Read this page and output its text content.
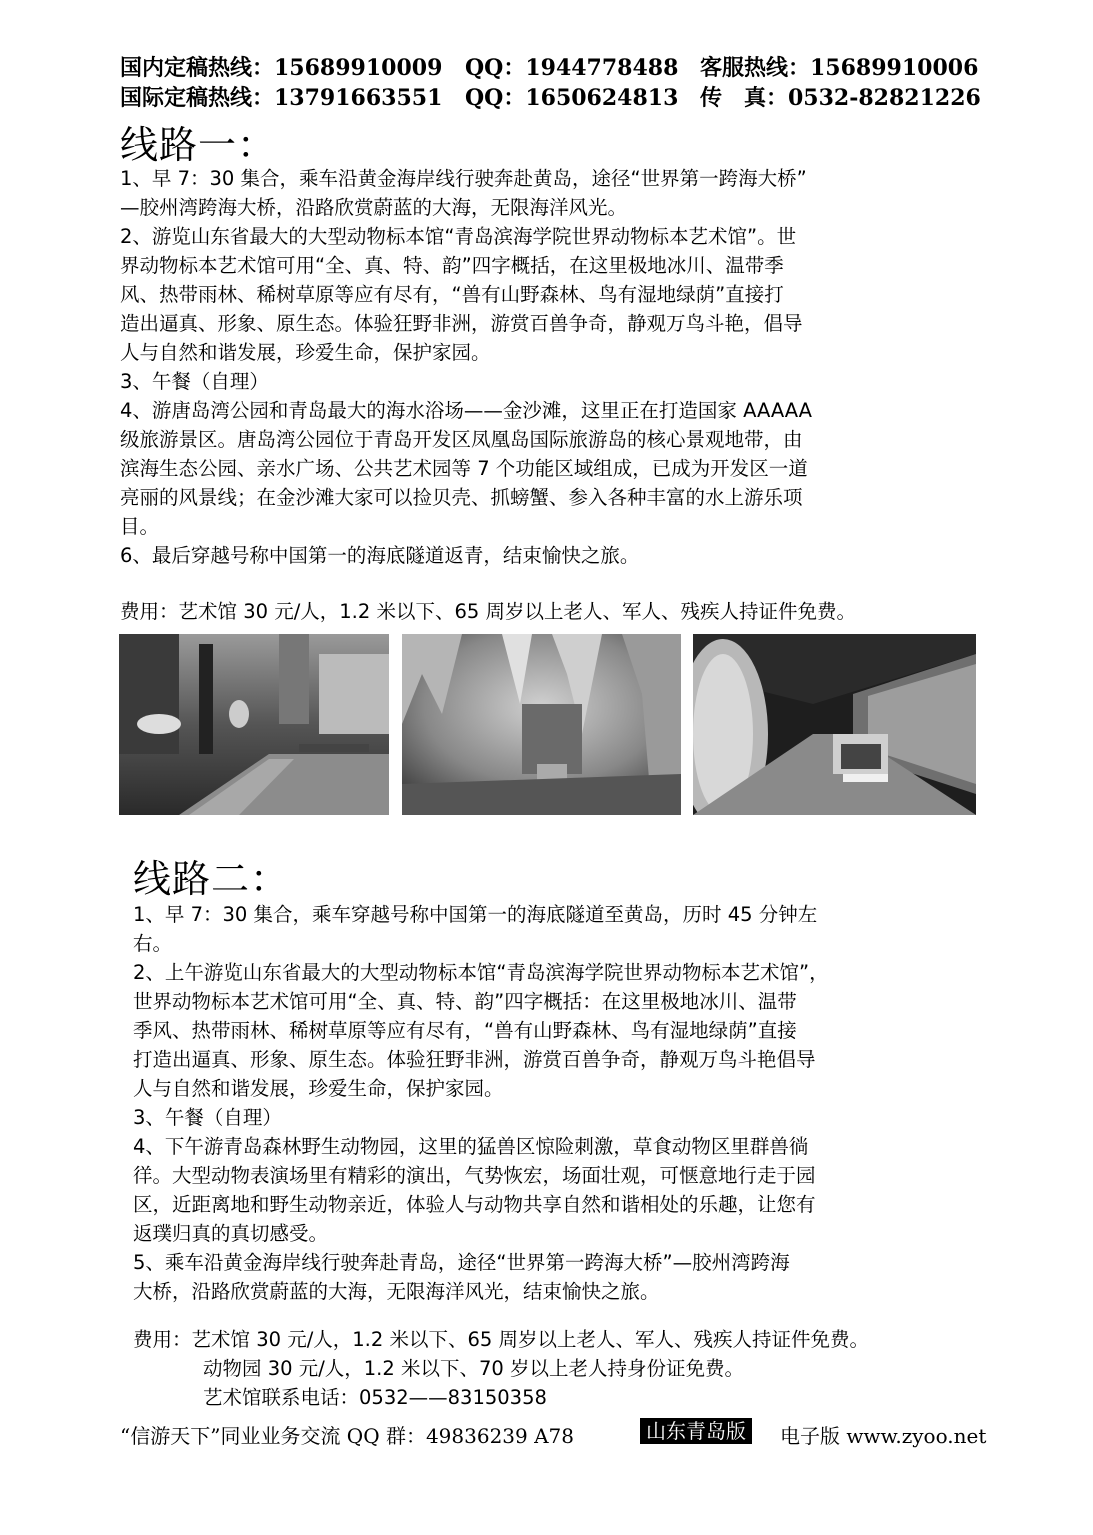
国内定稿热线：15689910009 QQ：1944778488 客服热线：15689910006
国际定稿热线：13791663551 QQ：1650624813 传　真：0532-82821226
线路一：
1、早 7：30 集合，乘车沿黄金海岸线行驶奔赴黄岛，途径“世界第一跨海大桥”
—胶州湾跨海大桥，沿路欣赏蔚蓝的大海，无限海洋风光。
2、游览山东省最大的大型动物标本馆“青岛滨海学院世界动物标本艺术馆”。世
界动物标本艺术馆可用“全、真、特、韵”四字概括，在这里极地冰川、温带季
风、热带雨林、稀树草原等应有尽有，“兽有山野森林、鸟有湿地绿荫”直接打
造出逼真、形象、原生态。体验狂野非洲，游赏百兽争奇，静观万鸟斗艳，倡导
人与自然和谐发展，珍爱生命，保护家园。
3、午餐（自理）
4、游唐岛湾公园和青岛最大的海水浴场——金沙滩，这里正在打造国家 AAAAA
级旅游景区。唐岛湾公园位于青岛开发区凤凰岛国际旅游岛的核心景观地带，由
滨海生态公园、亲水广场、公共艺术园等 7 个功能区域组成，已成为开发区一道
亮丽的风景线；在金沙滩大家可以捡贝壳、抓螃蟹、参入各种丰富的水上游乐项
目。
6、最后穿越号称中国第一的海底隧道返青，结束愉快之旅。
费用：艺术馆 30 元/人，1.2 米以下、65 周岁以上老人、军人、残疾人持证件免费。
线路二：
1、早 7：30 集合，乘车穿越号称中国第一的海底隧道至黄岛，历时 45 分钟左
右。
2、上午游览山东省最大的大型动物标本馆“青岛滨海学院世界动物标本艺术馆”，
世界动物标本艺术馆可用“全、真、特、韵”四字概括：在这里极地冰川、温带
季风、热带雨林、稀树草原等应有尽有，“兽有山野森林、鸟有湿地绿荫”直接
打造出逼真、形象、原生态。体验狂野非洲，游赏百兽争奇，静观万鸟斗艳倡导
人与自然和谐发展，珍爱生命，保护家园。
3、午餐（自理）
4、下午游青岛森林野生动物园，这里的猛兽区惊险刺激，草食动物区里群兽徜
徉。大型动物表演场里有精彩的演出，气势恢宏，场面壮观，可惬意地行走于园
区，近距离地和野生动物亲近，体验人与动物共享自然和谐相处的乐趣，让您有
返璞归真的真切感受。
5、乘车沿黄金海岸线行驶奔赴青岛，途径“世界第一跨海大桥”—胶州湾跨海
大桥，沿路欣赏蔚蓝的大海，无限海洋风光，结束愉快之旅。
费用：艺术馆 30 元/人，1.2 米以下、65 周岁以上老人、军人、残疾人持证件免费。
动物园 30 元/人，1.2 米以下、70 岁以上老人持身份证免费。
艺术馆联系电话：0532——83150358
“信游天下”同业业务交流 QQ 群：49836239 A78	山东青岛版	电子版 www.zyoo.net
